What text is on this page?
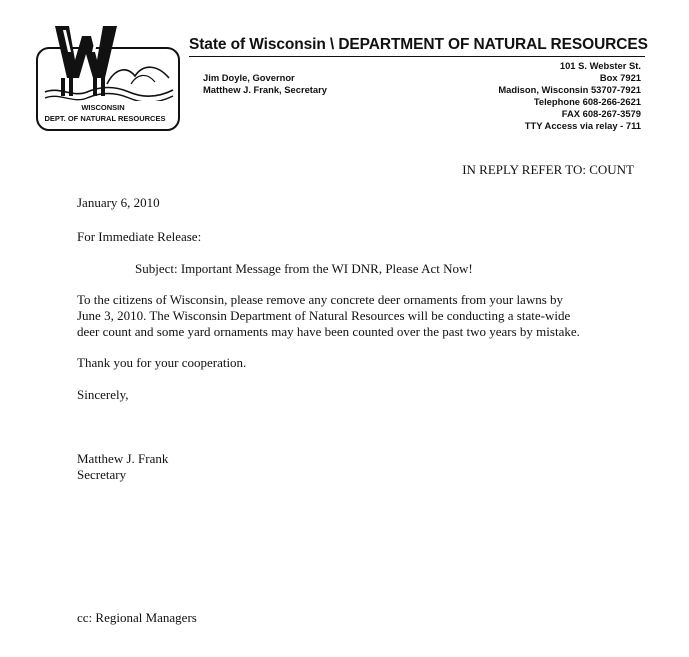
WISCONSIN
DEPT. OF NATURAL RESOURCES
State of Wisconsin \ DEPARTMENT OF NATURAL RESOURCES
Jim Doyle, Governor
Matthew J. Frank, Secretary
101 S. Webster St.
Box 7921
Madison, Wisconsin 53707-7921
Telephone 608-266-2621
FAX 608-267-3579
TTY Access via relay - 711
IN REPLY REFER TO: COUNT
January 6, 2010
For Immediate Release:
Subject: Important Message from the WI DNR, Please Act Now!
To the citizens of Wisconsin, please remove any concrete deer ornaments from your lawns by
June 3, 2010. The Wisconsin Department of Natural Resources will be conducting a state-wide
deer count and some yard ornaments may have been counted over the past two years by mistake.
Thank you for your cooperation.
Sincerely,
Matthew J. Frank
Secretary
cc: Regional Managers
